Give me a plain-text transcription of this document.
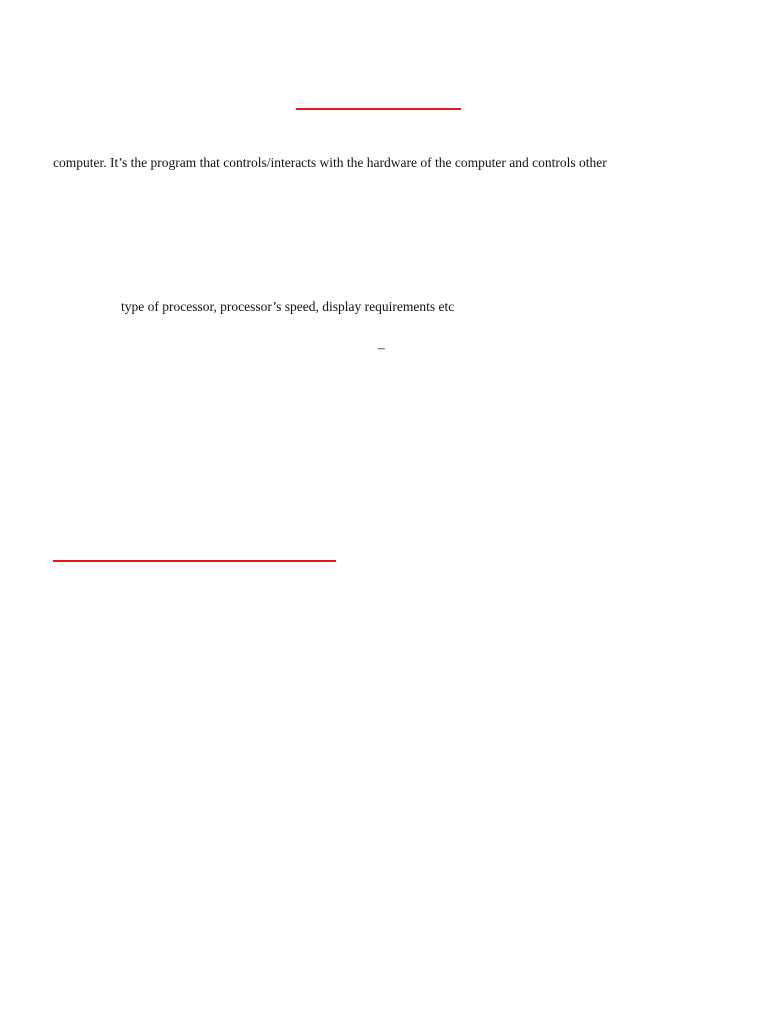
computer. It’s the program that controls/interacts with the hardware of the computer and controls other
type of processor, processor’s speed, display requirements etc
–
